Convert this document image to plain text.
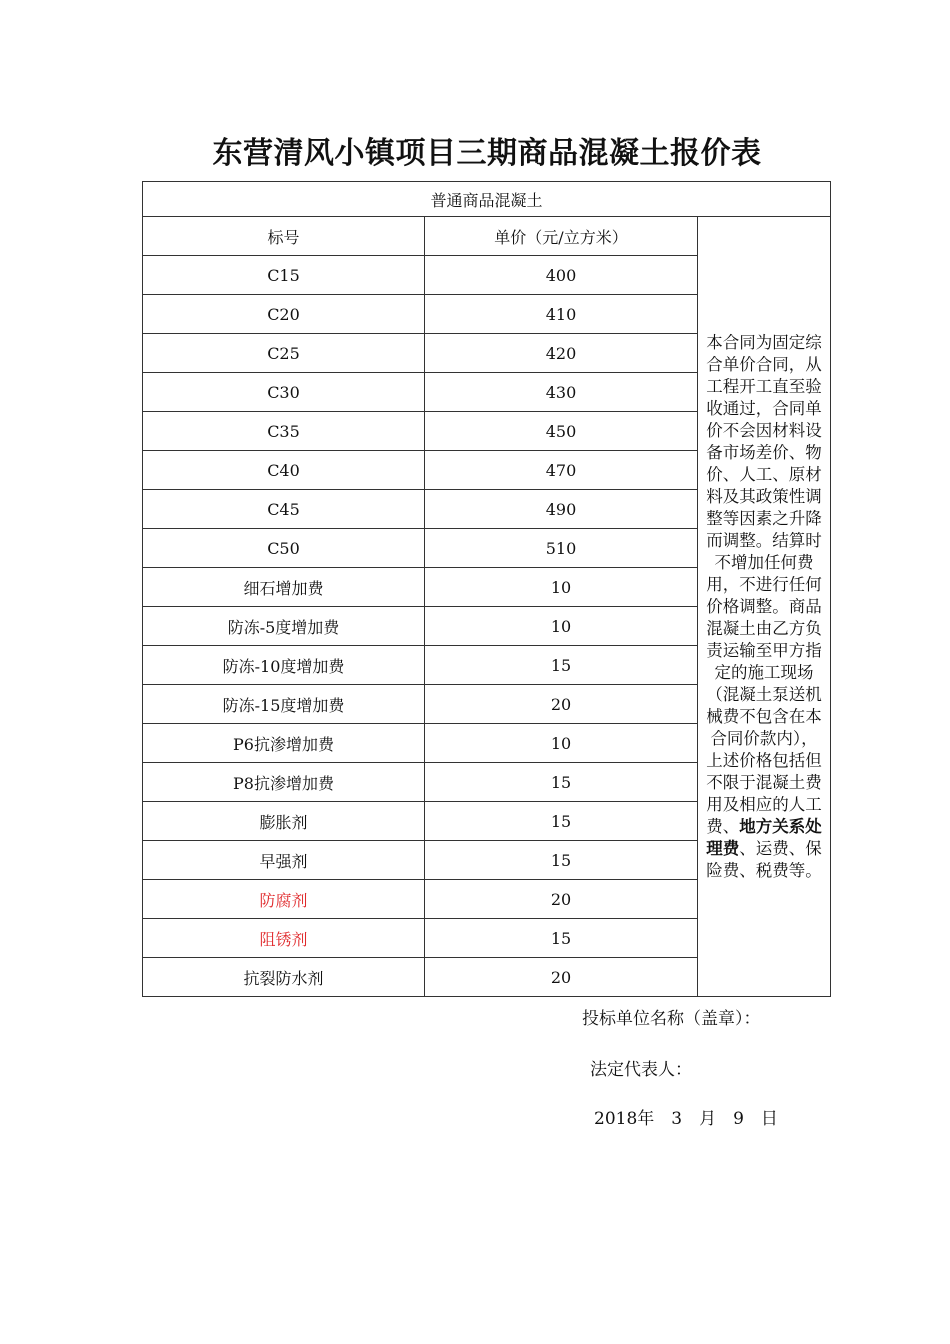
东营清风小镇项目三期商品混凝土报价表
普通商品混凝土		
标号	单价（元/立方米）	本合同为固定综合单价合同，从工程开工直至验收通过，合同单价不会因材料设备市场差价、物价、人工、原材料及其政策性调整等因素之升降而调整。结算时不增加任何费用，不进行任何价格调整。商品混凝土由乙方负责运输至甲方指定的施工现场（混凝土泵送机械费不包含在本合同价款内），上述价格包括但不限于混凝土费用及相应的人工费、地方关系处理费、运费、保险费、税费等。
C15	400	
C20	410	
C25	420	
C30	430	
C35	450	
C40	470	
C45	490	
C50	510	
细石增加费	10	
防冻-5度增加费	10	
防冻-10度增加费	15	
防冻-15度增加费	20	
P6抗渗增加费	10	
P8抗渗增加费	15	
膨胀剂	15	
早强剂	15	
防腐剂	20	
阻锈剂	15	
抗裂防水剂	20	
投标单位名称（盖章）：
法定代表人：
2018年　3　月　9　日
